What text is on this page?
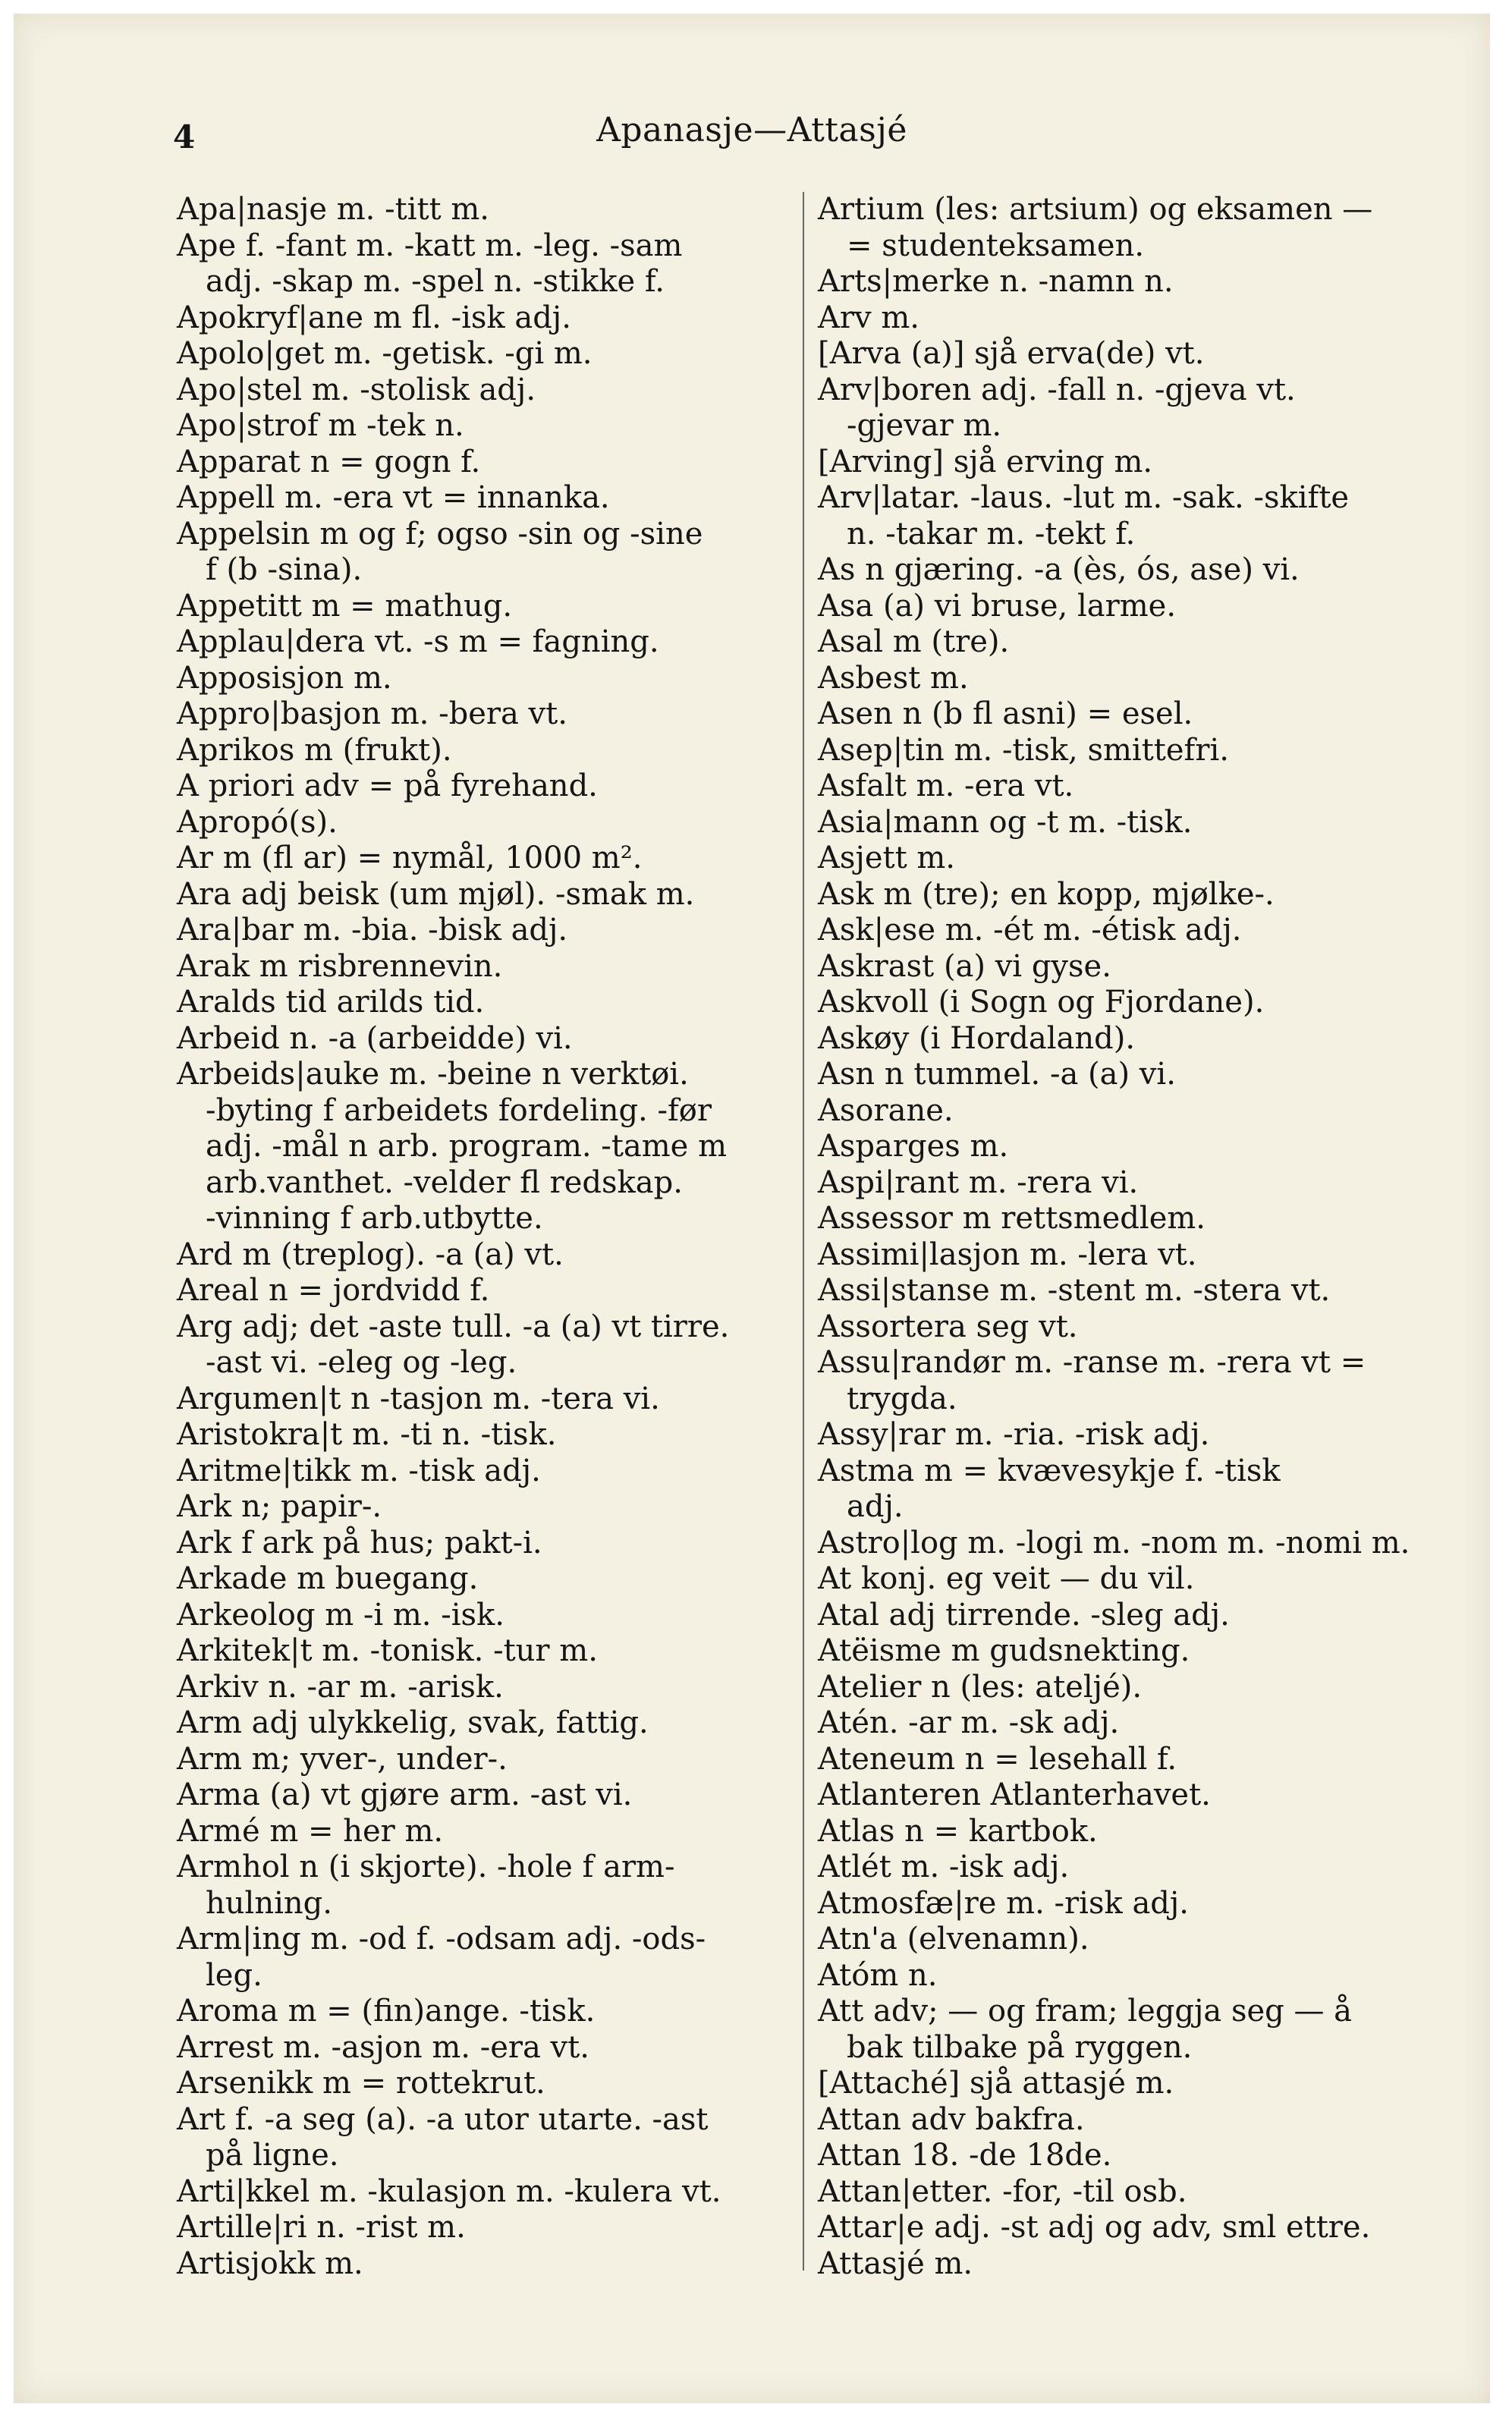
4	Apanasje—Attasjé
Apa|nasje m. -titt m.
Ape f. -fant m. -katt m. -leg. -sam
adj. -skap m. -spel n. -stikke f.
Apokryf|ane m fl. -isk adj.
Apolo|get m. -getisk. -gi m.
Apo|stel m. -stolisk adj.
Apo|strof m -tek n.
Apparat n = gogn f.
Appell m. -era vt = innanka.
Appelsin m og f; ogso -sin og -sine
f (b -sina).
Appetitt m = mathug.
Applau|dera vt. -s m = fagning.
Apposisjon m.
Appro|basjon m. -bera vt.
Aprikos m (frukt).
A priori adv = på fyrehand.
Apropó(s).
Ar m (fl ar) = nymål, 1000 m².
Ara adj beisk (um mjøl). -smak m.
Ara|bar m. -bia. -bisk adj.
Arak m risbrennevin.
Aralds tid arilds tid.
Arbeid n. -a (arbeidde) vi.
Arbeids|auke m. -beine n verktøi.
-byting f arbeidets fordeling. -før
adj. -mål n arb. program. -tame m
arb.vanthet. -velder fl redskap.
-vinning f arb.utbytte.
Ard m (treplog). -a (a) vt.
Areal n = jordvidd f.
Arg adj; det -aste tull. -a (a) vt tirre.
-ast vi. -eleg og -leg.
Argumen|t n -tasjon m. -tera vi.
Aristokra|t m. -ti n. -tisk.
Aritme|tikk m. -tisk adj.
Ark n; papir-.
Ark f ark på hus; pakt-i.
Arkade m buegang.
Arkeolog m -i m. -isk.
Arkitek|t m. -tonisk. -tur m.
Arkiv n. -ar m. -arisk.
Arm adj ulykkelig, svak, fattig.
Arm m; yver-, under-.
Arma (a) vt gjøre arm. -ast vi.
Armé m = her m.
Armhol n (i skjorte). -hole f arm-
hulning.
Arm|ing m. -od f. -odsam adj. -ods-
leg.
Aroma m = (fin)ange. -tisk.
Arrest m. -asjon m. -era vt.
Arsenikk m = rottekrut.
Art f. -a seg (a). -a utor utarte. -ast
på ligne.
Arti|kkel m. -kulasjon m. -kulera vt.
Artille|ri n. -rist m.
Artisjokk m.
Artium (les: artsium) og eksamen —
= studenteksamen.
Arts|merke n. -namn n.
Arv m.
[Arva (a)] sjå erva(de) vt.
Arv|boren adj. -fall n. -gjeva vt.
-gjevar m.
[Arving] sjå erving m.
Arv|latar. -laus. -lut m. -sak. -skifte
n. -takar m. -tekt f.
As n gjæring. -a (ès, ós, ase) vi.
Asa (a) vi bruse, larme.
Asal m (tre).
Asbest m.
Asen n (b fl asni) = esel.
Asep|tin m. -tisk, smittefri.
Asfalt m. -era vt.
Asia|mann og -t m. -tisk.
Asjett m.
Ask m (tre); en kopp, mjølke-.
Ask|ese m. -ét m. -étisk adj.
Askrast (a) vi gyse.
Askvoll (i Sogn og Fjordane).
Askøy (i Hordaland).
Asn n tummel. -a (a) vi.
Asorane.
Asparges m.
Aspi|rant m. -rera vi.
Assessor m rettsmedlem.
Assimi|lasjon m. -lera vt.
Assi|stanse m. -stent m. -stera vt.
Assortera seg vt.
Assu|randør m. -ranse m. -rera vt =
trygda.
Assy|rar m. -ria. -risk adj.
Astma m = kvævesykje f. -tisk
adj.
Astro|log m. -logi m. -nom m. -nomi m.
At konj. eg veit — du vil.
Atal adj tirrende. -sleg adj.
Atëisme m gudsnekting.
Atelier n (les: atelјé).
Atén. -ar m. -sk adj.
Ateneum n = lesehall f.
Atlanteren Atlanterhavet.
Atlas n = kartbok.
Atlét m. -isk adj.
Atmosfæ|re m. -risk adj.
Atn'a (elvenamn).
Atóm n.
Att adv; — og fram; leggja seg — å
bak tilbake på ryggen.
[Attaché] sjå attasjé m.
Attan adv bakfra.
Attan 18. -de 18de.
Attan|etter. -for, -til osb.
Attar|e adj. -st adj og adv, sml ettre.
Attasjé m.
